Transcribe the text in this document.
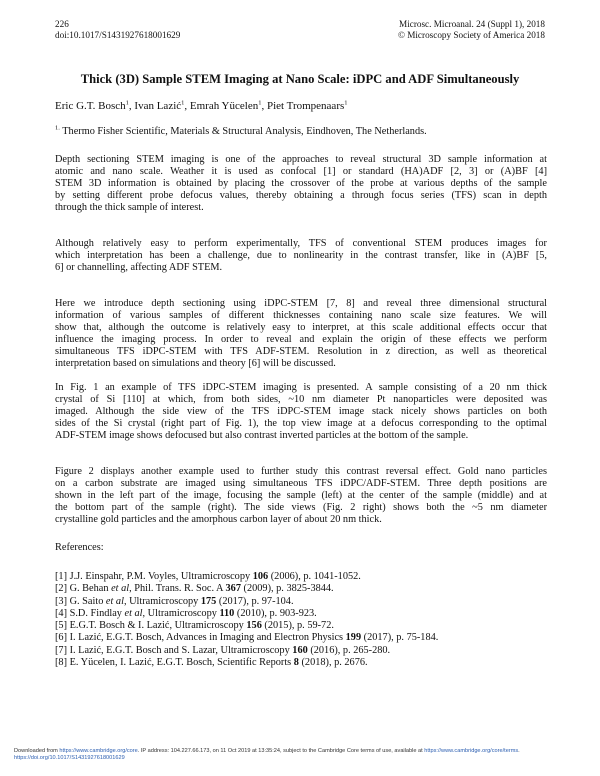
226
doi:10.1017/S1431927618001629
Microsc. Microanal. 24 (Suppl 1), 2018
© Microscopy Society of America 2018
Thick (3D) Sample STEM Imaging at Nano Scale: iDPC and ADF Simultaneously
Eric G.T. Bosch$^1$, Ivan Lazić$^1$, Emrah Yücelen$^1$, Piet Trompenaars$^1$
$^{1.}$ Thermo Fisher Scientific, Materials & Structural Analysis, Eindhoven, The Netherlands.
Depth sectioning STEM imaging is one of the approaches to reveal structural 3D sample information at
atomic and nano scale. Weather it is used as confocal [1] or standard (HA)ADF [2, 3] or (A)BF [4]
STEM 3D information is obtained by placing the crossover of the probe at various depths of the sample
by setting different probe defocus values, thereby obtaining a through focus series (TFS) scan in depth
through the thick sample of interest.
Although relatively easy to perform experimentally, TFS of conventional STEM produces images for
which interpretation has been a challenge, due to nonlinearity in the contrast transfer, like in (A)BF [5,
6] or channelling, affecting ADF STEM.
Here we introduce depth sectioning using iDPC-STEM [7, 8] and reveal three dimensional structural
information of various samples of different thicknesses containing nano scale size features. We will
show that, although the outcome is relatively easy to interpret, at this scale additional effects occur that
influence the imaging process. In order to reveal and explain the origin of these effects we perform
simultaneous TFS iDPC-STEM with TFS ADF-STEM. Resolution in z direction, as well as theoretical
interpretation based on simulations and theory [6] will be discussed.
In Fig. 1 an example of TFS iDPC-STEM imaging is presented. A sample consisting of a 20 nm thick
crystal of Si [110] at which, from both sides, ~10 nm diameter Pt nanoparticles were deposited was
imaged. Although the side view of the TFS iDPC-STEM image stack nicely shows particles on both
sides of the Si crystal (right part of Fig. 1), the top view image at a defocus corresponding to the optimal
ADF-STEM image shows defocused but also contrast inverted particles at the bottom of the sample.
Figure 2 displays another example used to further study this contrast reversal effect. Gold nano particles
on a carbon substrate are imaged using simultaneous TFS iDPC/ADF-STEM. Three depth positions are
shown in the left part of the image, focusing the sample (left) at the center of the sample (middle) and at
the bottom part of the sample (right). The side views (Fig. 2 right) shows both the ~5 nm diameter
crystalline gold particles and the amorphous carbon layer of about 20 nm thick.
References:
[1] J.J. Einspahr, P.M. Voyles, Ultramicroscopy 106 (2006), p. 1041-1052.
[2] G. Behan et al, Phil. Trans. R. Soc. A 367 (2009), p. 3825-3844.
[3] G. Saito et al, Ultramicroscopy 175 (2017), p. 97-104.
[4] S.D. Findlay et al, Ultramicroscopy 110 (2010), p. 903-923.
[5] E.G.T. Bosch & I. Lazić, Ultramicroscopy 156 (2015), p. 59-72.
[6] I. Lazić, E.G.T. Bosch, Advances in Imaging and Electron Physics 199 (2017), p. 75-184.
[7] I. Lazić, E.G.T. Bosch and S. Lazar, Ultramicroscopy 160 (2016), p. 265-280.
[8] E. Yücelen, I. Lazić, E.G.T. Bosch, Scientific Reports 8 (2018), p. 2676.
Downloaded from https://www.cambridge.org/core. IP address: 104.227.66.173, on 11 Oct 2019 at 13:35:24, subject to the Cambridge Core terms of use, available at https://www.cambridge.org/core/terms.
https://doi.org/10.1017/S1431927618001629
